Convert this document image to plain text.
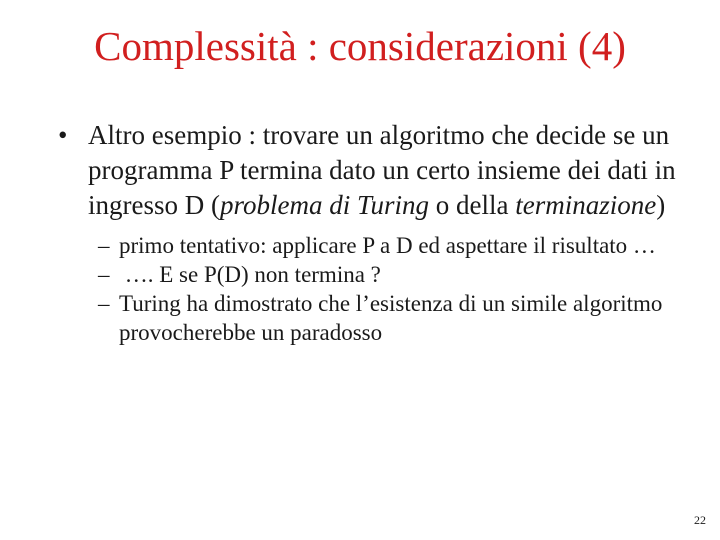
Complessità : considerazioni (4)
• Altro esempio : trovare un algoritmo che decide se un programma P termina dato un certo insieme dei dati in ingresso D (problema di Turing o della terminazione)
– primo tentativo: applicare P a D ed aspettare il risultato …
– …. E se P(D) non termina ?
– Turing ha dimostrato che l’esistenza di un simile algoritmo provocherebbe un paradosso
22
